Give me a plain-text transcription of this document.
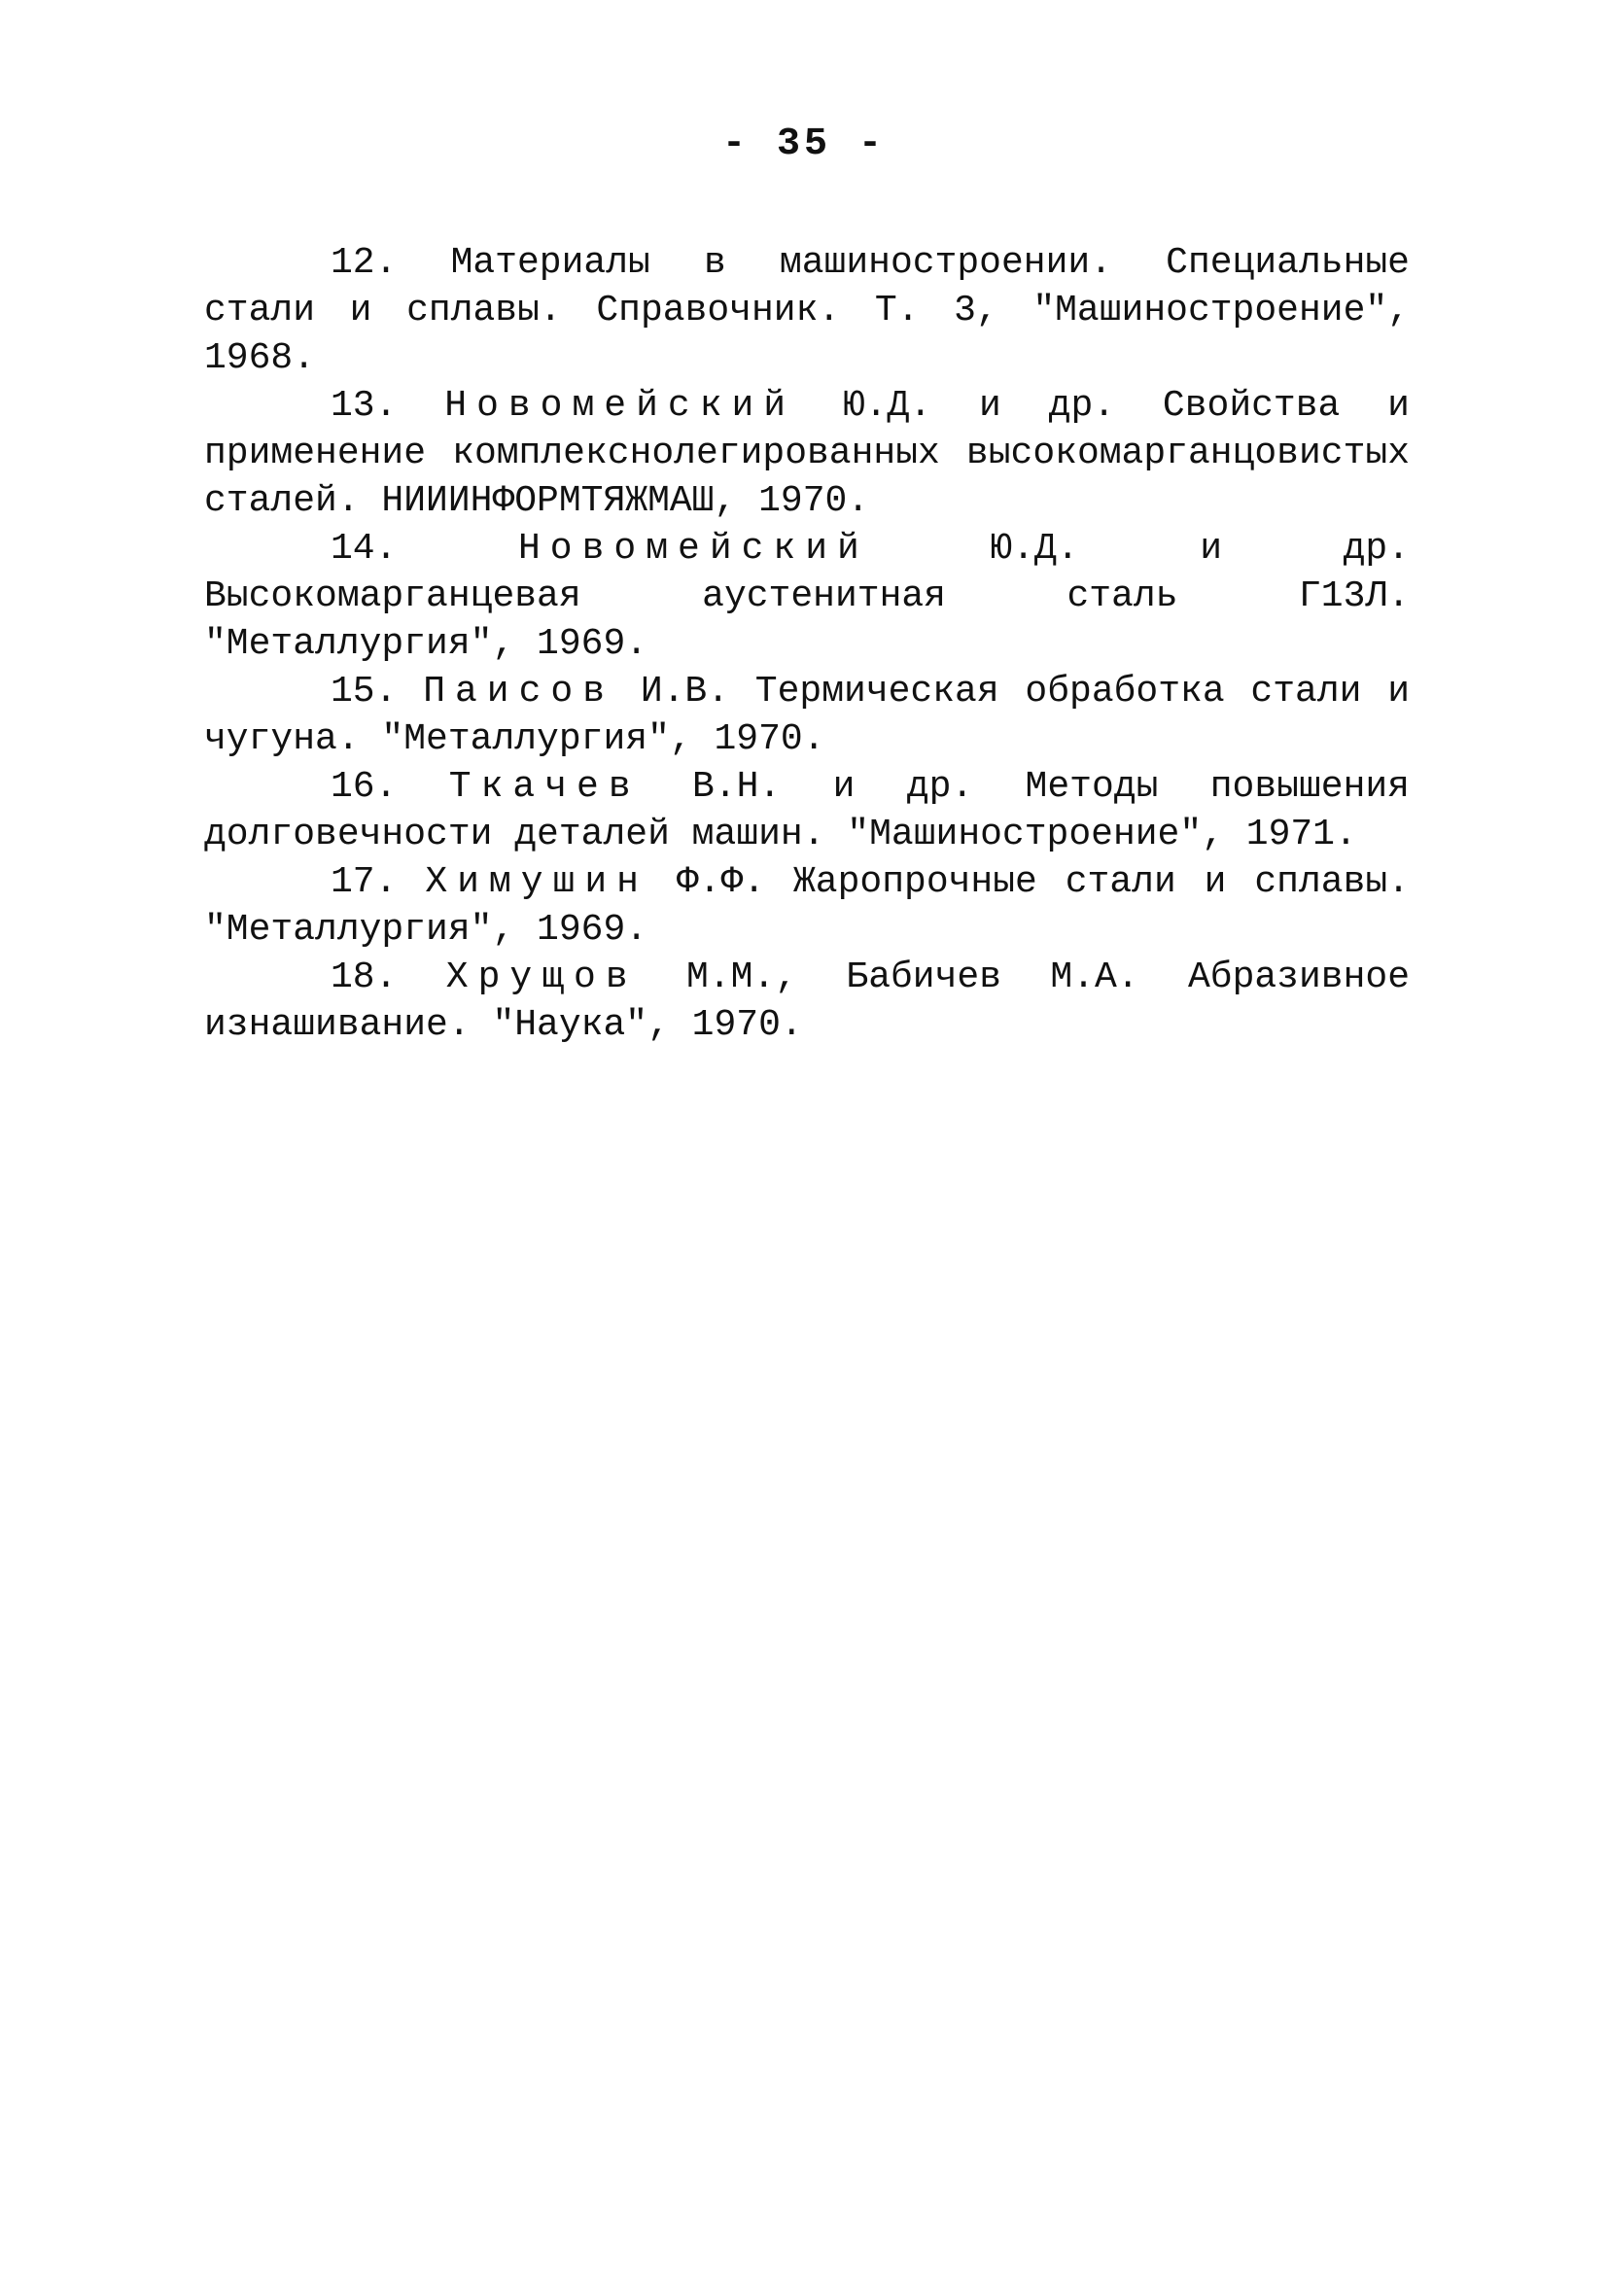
- 35 -

12. Материалы в машиностроении. Специальные стали и сплавы. Справочник. Т. 3, "Машиностроение", 1968.

13. Новомейский Ю.Д. и др. Свойства и применение комплекснолегированных высокомарганцовистых сталей. НИИИНФОРМТЯЖМАШ, 1970.

14.	Новомейский	Ю.Д. и др. Высокомарганцевая аустенитная сталь Г13Л. "Металлургия", 1969.

15. Паисов И.В. Термическая обработка стали и чугуна. "Металлургия", 1970.

16. Ткачев В.Н. и др. Методы повышения долговечности деталей машин. "Машиностроение", 1971.

17. Химушин Ф.Ф. Жаропрочные стали и сплавы. "Металлургия", 1969.

18. Хрущов М.М., Бабичев М.А. Абразивное изнашивание. "Наука", 1970.
